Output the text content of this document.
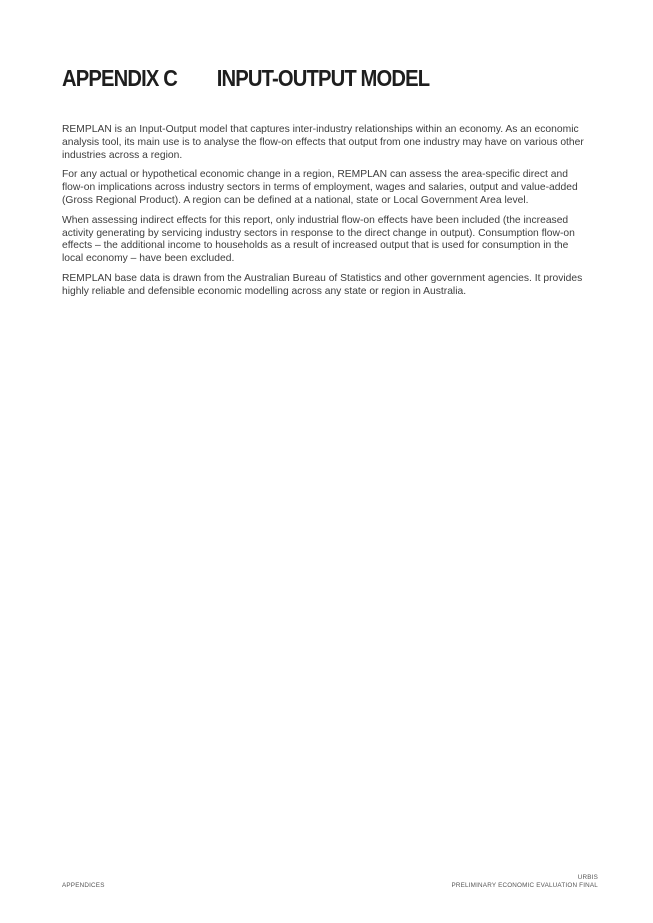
APPENDIX C INPUT-OUTPUT MODEL

REMPLAN is an Input-Output model that captures inter-industry relationships within an economy. As an economic analysis tool, its main use is to analyse the flow-on effects that output from one industry may have on various other industries across a region.

For any actual or hypothetical economic change in a region, REMPLAN can assess the area-specific direct and flow-on implications across industry sectors in terms of employment, wages and salaries, output and value-added (Gross Regional Product). A region can be defined at a national, state or Local Government Area level.

When assessing indirect effects for this report, only industrial flow-on effects have been included (the increased activity generating by servicing industry sectors in response to the direct change in output). Consumption flow-on effects – the additional income to households as a result of increased output that is used for consumption in the local economy – have been excluded.

REMPLAN base data is drawn from the Australian Bureau of Statistics and other government agencies. It provides highly reliable and defensible economic modelling across any state or region in Australia.

APPENDICES
URBIS
PRELIMINARY ECONOMIC EVALUATION FINAL
